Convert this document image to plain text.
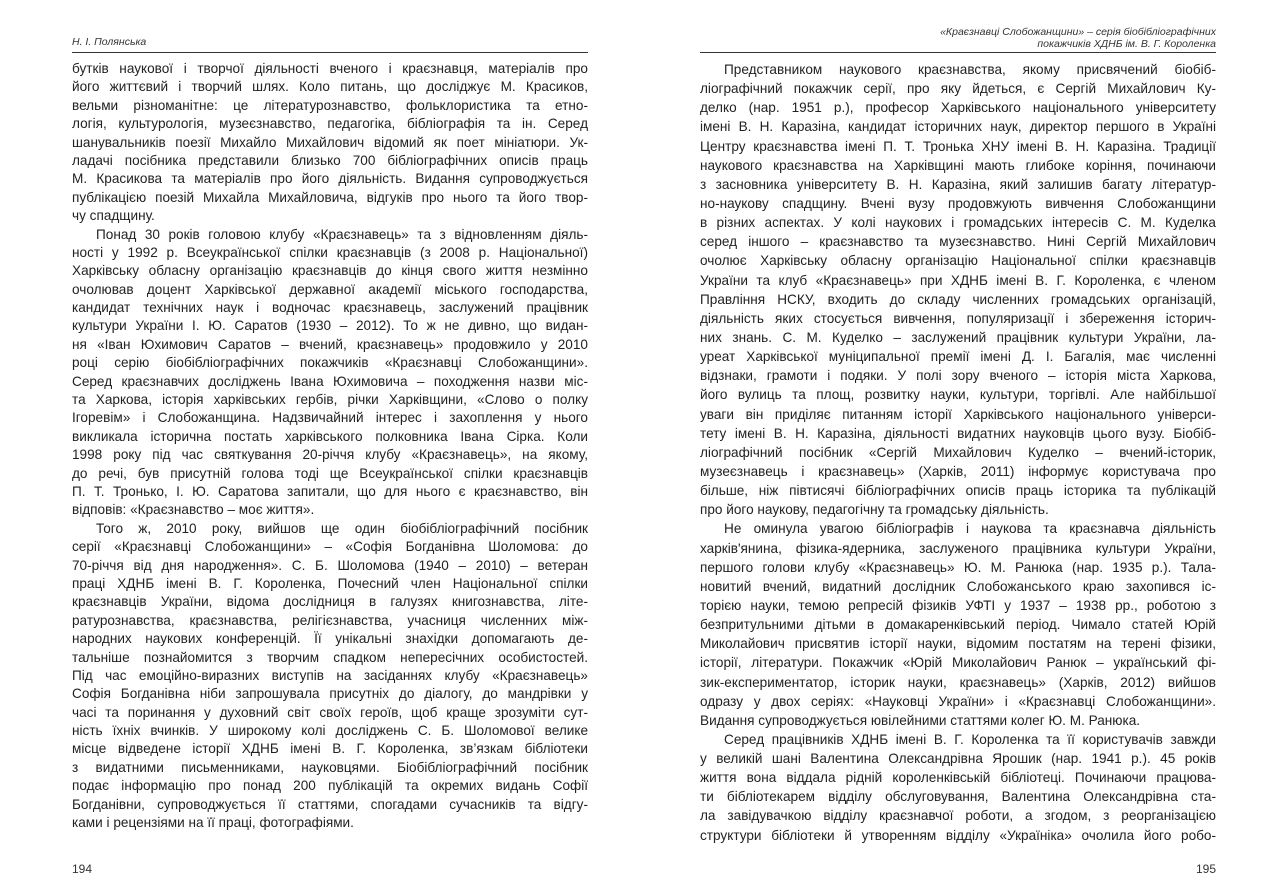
Н. І. Полянська
бутків наукової і творчої діяльності вченого і краєзнавця, матеріалів про
його життєвий і творчий шлях. Коло питань, що досліджує М. Красиков,
вельми різноманітне: це літературознавство, фольклористика та етно-
логія, культурологія, музеєзнавство, педагогіка, бібліографія та ін. Серед
шанувальників поезії Михайло Михайлович відомий як поет мініатюри. Ук-
ладачі посібника представили близько 700 бібліографічних описів праць
М. Красикова та матеріалів про його діяльність. Видання супроводжується
публікацією поезій Михайла Михайловича, відгуків про нього та його твор-
чу спадщину.
Понад 30 років головою клубу «Краєзнавець» та з відновленням діяль-
ності у 1992 р. Всеукраїнської спілки краєзнавців (з 2008 р. Національної)
Харківську обласну організацію краєзнавців до кінця свого життя незмінно
очолював доцент Харківської державної академії міського господарства,
кандидат технічних наук і водночас краєзнавець, заслужений працівник
культури України І. Ю. Саратов (1930 – 2012). То ж не дивно, що видан-
ня «Іван Юхимович Саратов – вчений, краєзнавець» продовжило у 2010
році серію біобібліографічних покажчиків «Краєзнавці Слобожанщини».
Серед краєзнавчих досліджень Івана Юхимовича – походження назви міс-
та Харкова, історія харківських гербів, річки Харківщини, «Слово о полку
Ігоревім» і Слобожанщина. Надзвичайний інтерес і захоплення у нього
викликала історична постать харківського полковника Івана Сірка. Коли
1998 року під час святкування 20-річчя клубу «Краєзнавець», на якому,
до речі, був присутній голова тоді ще Всеукраїнської спілки краєзнавців
П. Т. Тронько, І. Ю. Саратова запитали, що для нього є краєзнавство, він
відповів: «Краєзнавство – моє життя».
Того ж, 2010 року, вийшов ще один біобібліографічний посібник
серії «Краєзнавці Слобожанщини» – «Софія Богданівна Шоломова: до
70-річчя від дня народження». С. Б. Шоломова (1940 – 2010) – ветеран
праці ХДНБ імені В. Г. Короленка, Почесний член Національної спілки
краєзнавців України, відома дослідниця в галузях книгознавства, літе-
ратурознавства, краєзнавства, релігієзнавства, учасниця численних між-
народних наукових конференцій. Її унікальні знахідки допомагають де-
тальніше познайомится з творчим спадком непересічних особистостей.
Під час емоційно-виразних виступів на засіданнях клубу «Краєзнавець»
Софія Богданівна ніби запрошувала присутніх до діалогу, до мандрівки у
часі та поринання у духовний світ своїх героїв, щоб краще зрозуміти сут-
ність їхніх вчинків. У широкому колі досліджень С. Б. Шоломової велике
місце відведене історії ХДНБ імені В. Г. Короленка, зв’язкам бібліотеки
з видатними письменниками, науковцями. Біобібліографічний посібник
подає інформацію про понад 200 публікацій та окремих видань Софії
Богданівни, супроводжується її статтями, спогадами сучасників та відгу-
ками і рецензіями на її праці, фотографіями.
194
«Краєзнавці Слобожанщини» – серія біобібліографічних
покажчиків ХДНБ ім. В. Г. Короленка
Представником наукового краєзнавства, якому присвячений біобіб-
ліографічний покажчик серії, про яку йдеться, є Сергій Михайлович Ку-
делко (нар. 1951 р.), професор Харківського національного університету
імені В. Н. Каразіна, кандидат історичних наук, директор першого в Україні
Центру краєзнавства імені П. Т. Тронька ХНУ імені В. Н. Каразіна. Традиції
наукового краєзнавства на Харківщині мають глибоке коріння, починаючи
з засновника університету В. Н. Каразіна, який залишив багату літератур-
но-наукову спадщину. Вчені вузу продовжують вивчення Слобожанщини
в різних аспектах. У колі наукових і громадських інтересів С. М. Куделка
серед іншого – краєзнавство та музеєзнавство. Нині Сергій Михайлович
очолює Харківську обласну організацію Національної спілки краєзнавців
України та клуб «Краєзнавець» при ХДНБ імені В. Г. Короленка, є членом
Правління НСКУ, входить до складу численних громадських організацій,
діяльність яких стосується вивчення, популяризації і збереження історич-
них знань. С. М. Куделко – заслужений працівник культури України, ла-
уреат Харківської муніципальної премії імені Д. І. Багалія, має численні
відзнаки, грамоти і подяки. У полі зору вченого – історія міста Харкова,
його вулиць та площ, розвитку науки, культури, торгівлі. Але найбільшої
уваги він приділяє питанням історії Харківського національного універси-
тету імені В. Н. Каразіна, діяльності видатних науковців цього вузу. Біобіб-
ліографічний посібник «Сергій Михайлович Куделко – вчений-історик,
музеєзнавець і краєзнавець» (Харків, 2011) інформує користувача про
більше, ніж півтисячі бібліографічних описів праць історика та публікацій
про його наукову, педагогічну та громадську діяльність.
Не оминула увагою бібліографів і наукова та краєзнавча діяльність
харків'янина, фізика-ядерника, заслуженого працівника культури України,
першого голови клубу «Краєзнавець» Ю. М. Ранюка (нар. 1935 р.). Тала-
новитий вчений, видатний дослідник Слобожанського краю захопився іс-
торією науки, темою репресій фізиків УФТІ у 1937 – 1938 рр., роботою з
безпритульними дітьми в домакаренківський період. Чимало статей Юрій
Миколайович присвятив історії науки, відомим постатям на терені фізики,
історії, літератури. Покажчик «Юрій Миколайович Ранюк – український фі-
зик-експериментатор, історик науки, краєзнавець» (Харків, 2012) вийшов
одразу у двох серіях: «Науковці України» і «Краєзнавці Слобожанщини».
Видання супроводжується ювілейними статтями колег Ю. М. Ранюка.
Серед працівників ХДНБ імені В. Г. Короленка та її користувачів завжди
у великій шані Валентина Олександрівна Ярошик (нар. 1941 р.). 45 років
життя вона віддала рідній короленківській бібліотеці. Починаючи працюва-
ти бібліотекарем відділу обслуговування, Валентина Олександрівна ста-
ла завідувачкою відділу краєзнавчої роботи, а згодом, з реорганізацією
структури бібліотеки й утворенням відділу «Україніка» очолила його робо-
195
